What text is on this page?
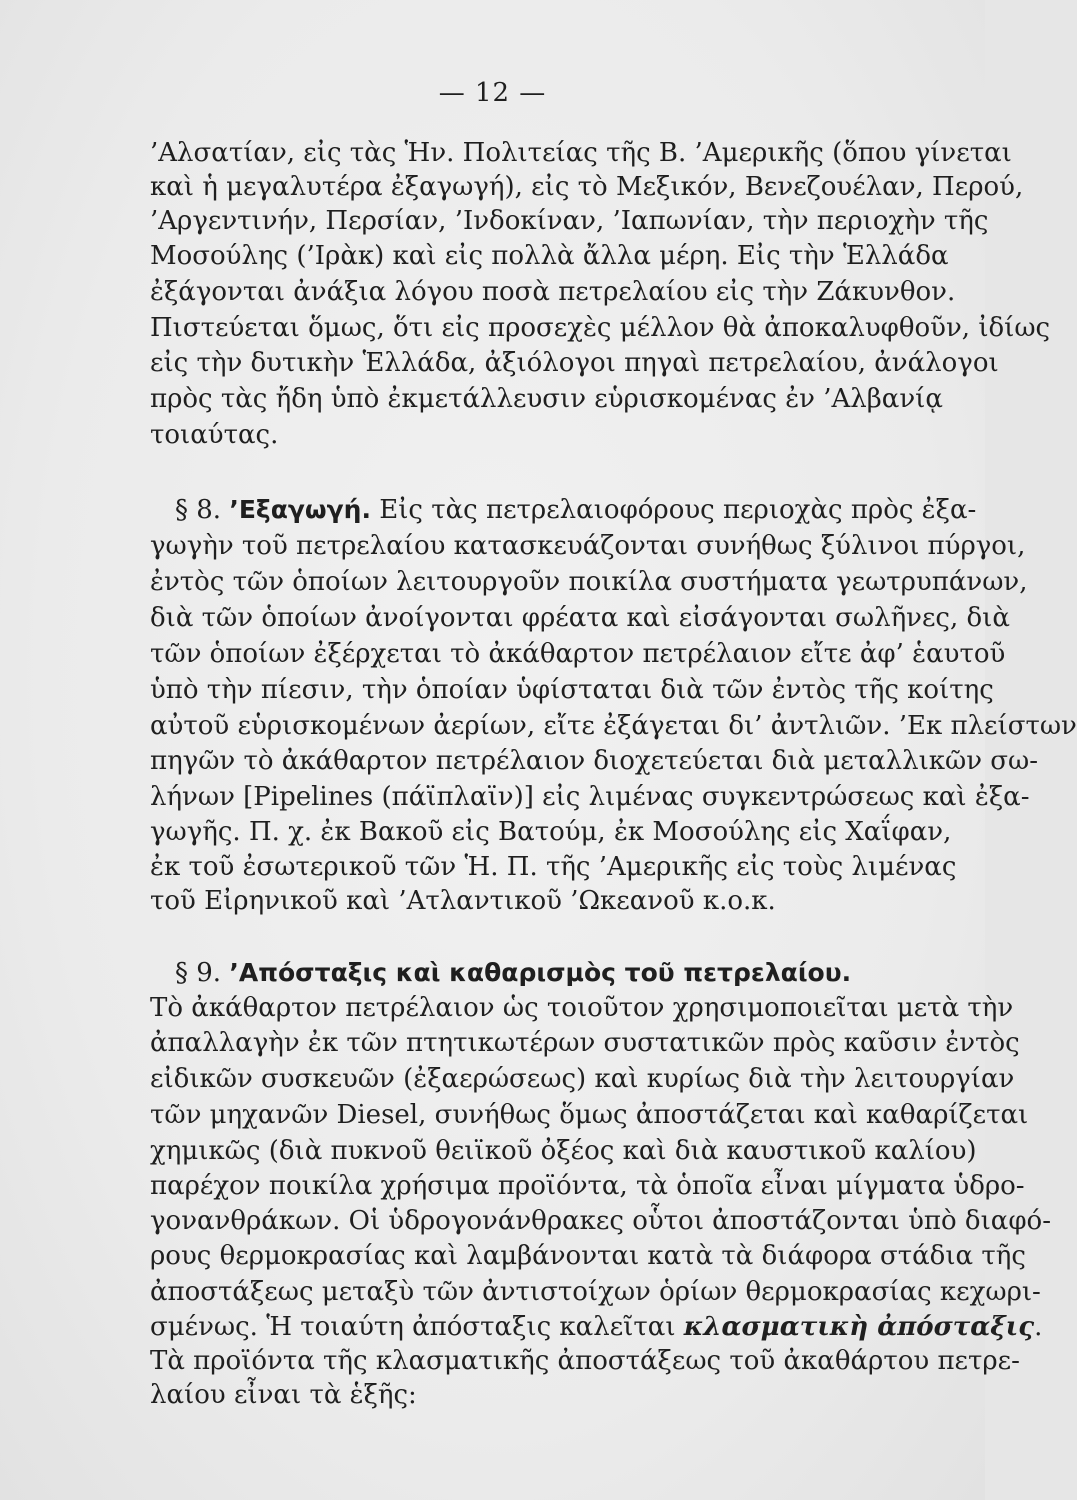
— 12 —
’Αλσατίαν, εἰς τὰς Ἡν. Πολιτείας τῆς Β. ’Αμερικῆς (ὅπου γίνεται
καὶ ἡ μεγαλυτέρα ἐξαγωγή), εἰς τὸ Μεξικόν, Βενεζουέλαν, Περού,
’Αργεντινήν, Περσίαν, ’Ινδοκίναν, ’Ιαπωνίαν, τὴν περιοχὴν τῆς
Μοσούλης (’Ιρὰκ) καὶ εἰς πολλὰ ἄλλα μέρη. Εἰς τὴν Ἑλλάδα
ἐξάγονται ἀνάξια λόγου ποσὰ πετρελαίου εἰς τὴν Ζάκυνθον.
Πιστεύεται ὅμως, ὅτι εἰς προσεχὲς μέλλον θὰ ἀποκαλυφθοῦν, ἰδίως
εἰς τὴν δυτικὴν Ἑλλάδα, ἀξιόλογοι πηγαὶ πετρελαίου, ἀνάλογοι
πρὸς τὰς ἤδη ὑπὸ ἐκμετάλλευσιν εὑρισκομένας ἐν ’Αλβανίᾳ
τοιαύτας.
§ 8. ’Εξαγωγή. Εἰς τὰς πετρελαιοφόρους περιοχὰς πρὸς ἐξα-
γωγὴν τοῦ πετρελαίου κατασκευάζονται συνήθως ξύλινοι πύργοι,
ἐντὸς τῶν ὁποίων λειτουργοῦν ποικίλα συστήματα γεωτρυπάνων,
διὰ τῶν ὁποίων ἀνοίγονται φρέατα καὶ εἰσάγονται σωλῆνες, διὰ
τῶν ὁποίων ἐξέρχεται τὸ ἀκάθαρτον πετρέλαιον εἴτε ἀφ’ ἑαυτοῦ
ὑπὸ τὴν πίεσιν, τὴν ὁποίαν ὑφίσταται διὰ τῶν ἐντὸς τῆς κοίτης
αὐτοῦ εὑρισκομένων ἀερίων, εἴτε ἐξάγεται δι’ ἀντλιῶν. ’Εκ πλείστων
πηγῶν τὸ ἀκάθαρτον πετρέλαιον διοχετεύεται διὰ μεταλλικῶν σω-
λήνων [Pipelines (πάϊπλαϊν)] εἰς λιμένας συγκεντρώσεως καὶ ἐξα-
γωγῆς. Π. χ. ἐκ Βακοῦ εἰς Βατούμ, ἐκ Μοσούλης εἰς Χαΐφαν,
ἐκ τοῦ ἐσωτερικοῦ τῶν Ἡ. Π. τῆς ’Αμερικῆς εἰς τοὺς λιμένας
τοῦ Εἰρηνικοῦ καὶ ’Ατλαντικοῦ ’Ωκεανοῦ κ.ο.κ.
§ 9. ’Απόσταξις καὶ καθαρισμὸς τοῦ πετρελαίου.
Τὸ ἀκάθαρτον πετρέλαιον ὡς τοιοῦτον χρησιμοποιεῖται μετὰ τὴν
ἀπαλλαγὴν ἐκ τῶν πτητικωτέρων συστατικῶν πρὸς καῦσιν ἐντὸς
εἰδικῶν συσκευῶν (ἐξαερώσεως) καὶ κυρίως διὰ τὴν λειτουργίαν
τῶν μηχανῶν Diesel, συνήθως ὅμως ἀποστάζεται καὶ καθαρίζεται
χημικῶς (διὰ πυκνοῦ θειϊκοῦ ὀξέος καὶ διὰ καυστικοῦ καλίου)
παρέχον ποικίλα χρήσιμα προϊόντα, τὰ ὁποῖα εἶναι μίγματα ὑδρο-
γονανθράκων. Οἱ ὑδρογονάνθρακες οὗτοι ἀποστάζονται ὑπὸ διαφό-
ρους θερμοκρασίας καὶ λαμβάνονται κατὰ τὰ διάφορα στάδια τῆς
ἀποστάξεως μεταξὺ τῶν ἀντιστοίχων ὁρίων θερμοκρασίας κεχωρι-
σμένως. Ἡ τοιαύτη ἀπόσταξις καλεῖται κλασματικὴ ἀπόσταξις.
Τὰ προϊόντα τῆς κλασματικῆς ἀποστάξεως τοῦ ἀκαθάρτου πετρε-
λαίου εἶναι τὰ ἑξῆς:
